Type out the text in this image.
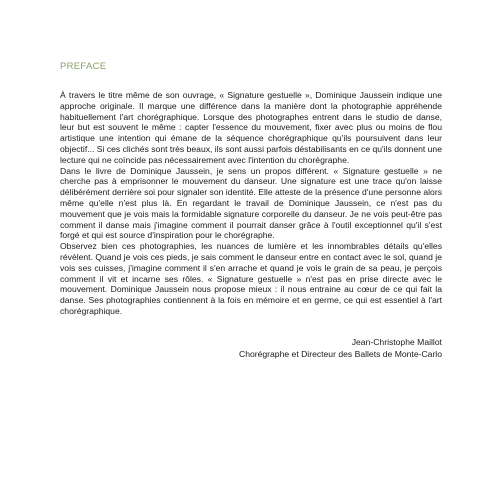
PREFACE

À travers le titre même de son ouvrage, « Signature gestuelle », Dominique Jaussein indique une approche originale. Il marque une différence dans la manière dont la photographie appréhende habituellement l'art chorégraphique. Lorsque des photographes entrent dans le studio de danse, leur but est souvent le même : capter l'essence du mouvement, fixer avec plus ou moins de flou artistique une intention qui émane de la séquence chorégraphique qu'ils poursuivent dans leur objectif... Si ces clichés sont très beaux, ils sont aussi parfois déstabilisants en ce qu'ils donnent une lecture qui ne coïncide pas nécessairement avec l'intention du chorégraphe.

Dans le livre de Dominique Jaussein, je sens un propos différent. « Signature gestuelle » ne cherche pas à emprisonner le mouvement du danseur. Une signature est une trace qu'on laisse délibérément derrière soi pour signaler son identité. Elle atteste de la présence d'une personne alors même qu'elle n'est plus là. En regardant le travail de Dominique Jaussein, ce n'est pas du mouvement que je vois mais la formidable signature corporelle du danseur. Je ne vois peut-être pas comment il danse mais j'imagine comment il pourrait danser grâce à l'outil exceptionnel qu'il s'est forgé et qui est source d'inspiration pour le chorégraphe.

Observez bien ces photographies, les nuances de lumière et les innombrables détails qu'elles révèlent. Quand je vois ces pieds, je sais comment le danseur entre en contact avec le sol, quand je vois ses cuisses, j'imagine comment il s'en arrache et quand je vois le grain de sa peau, je perçois comment il vit et incarne ses rôles. « Signature gestuelle » n'est pas en prise directe avec le mouvement. Dominique Jaussein nous propose mieux : il nous entraine au cœur de ce qui fait la danse. Ses photographies contiennent à la fois en mémoire et en germe, ce qui est essentiel à l'art chorégraphique.

Jean-Christophe Maillot
Chorégraphe et Directeur des Ballets de Monte-Carlo
